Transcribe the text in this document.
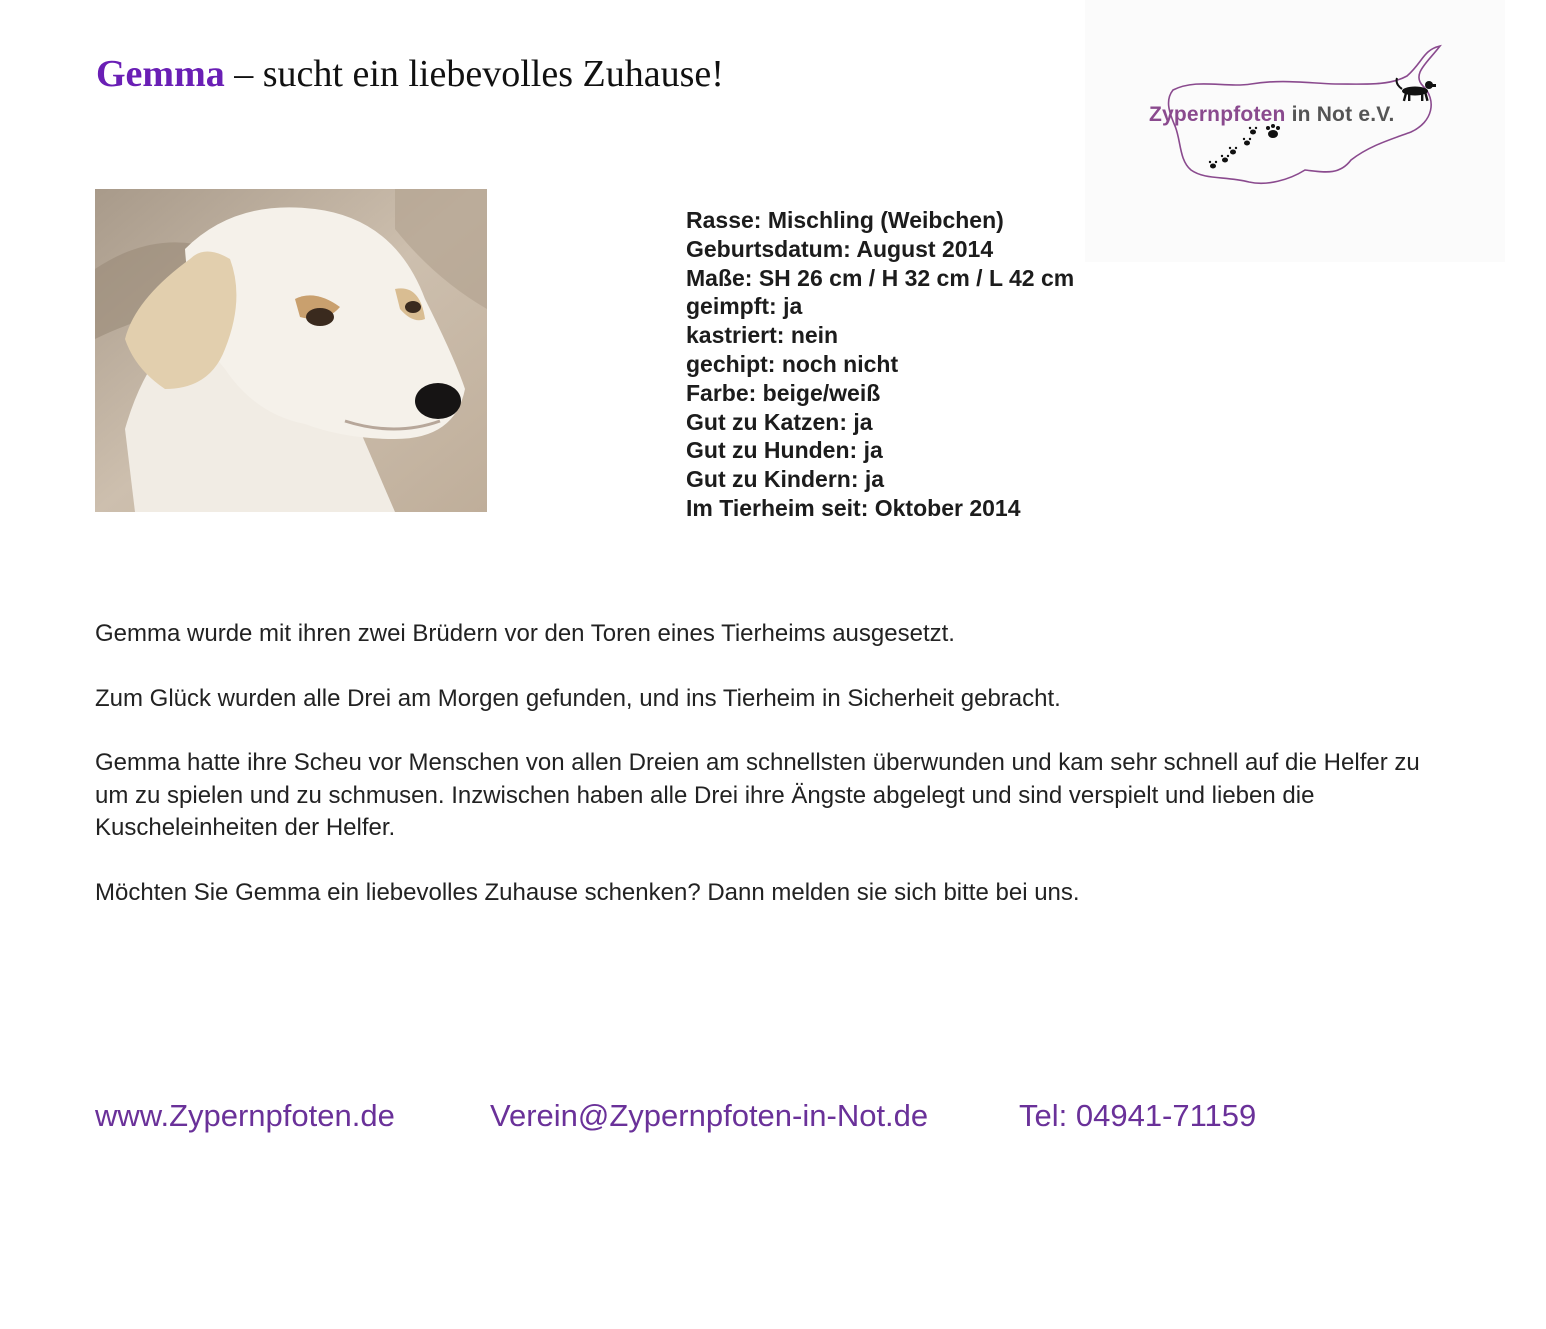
Gemma – sucht ein liebevolles Zuhause!
Zypernpfoten in Not e.V.
Rasse: Mischling (Weibchen)
Geburtsdatum: August 2014
Maße: SH 26 cm / H 32 cm / L 42 cm
geimpft: ja
kastriert: nein
gechipt: noch nicht
Farbe: beige/weiß
Gut zu Katzen: ja
Gut zu Hunden: ja
Gut zu Kindern: ja
Im Tierheim seit: Oktober 2014

Gemma wurde mit ihren zwei Brüdern vor den Toren eines Tierheims ausgesetzt.

Zum Glück wurden alle Drei am Morgen gefunden, und ins Tierheim in Sicherheit gebracht.

Gemma hatte ihre Scheu vor Menschen von allen Dreien am schnellsten überwunden und kam sehr schnell auf die Helfer zu um zu spielen und zu schmusen. Inzwischen haben alle Drei ihre Ängste abgelegt und sind verspielt und lieben die Kuscheleinheiten der Helfer.

Möchten Sie Gemma ein liebevolles Zuhause schenken? Dann melden sie sich bitte bei uns.

www.Zypernpfoten.de	Verein@Zypernpfoten-in-Not.de	Tel: 04941-71159
